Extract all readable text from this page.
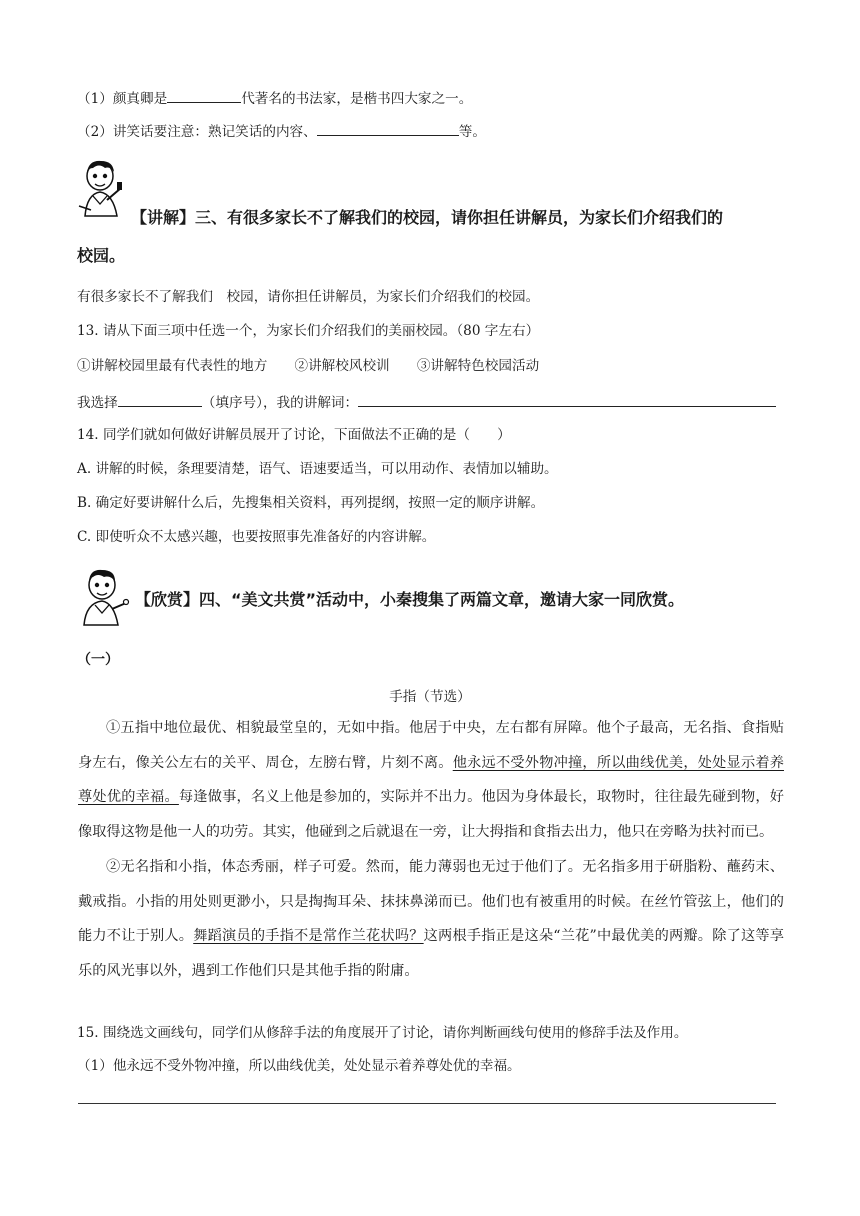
（1）颜真卿是	代著名的书法家，是楷书四大家之一。
（2）讲笑话要注意：熟记笑话的内容、	等。
【讲解】三、有很多家长不了解我们的校园，请你担任讲解员，为家长们介绍我们的
校园。
有很多家长不了解我们　校园，请你担任讲解员，为家长们介绍我们的校园。
13. 请从下面三项中任选一个，为家长们介绍我们的美丽校园。（80 字左右）
①讲解校园里最有代表性的地方　　②讲解校风校训　　③讲解特色校园活动
我选择	（填序号），我的讲解词：
14. 同学们就如何做好讲解员展开了讨论，下面做法不正确的是（　　）
A. 讲解的时候，条理要清楚，语气、语速要适当，可以用动作、表情加以辅助。
B. 确定好要讲解什么后，先搜集相关资料，再列提纲，按照一定的顺序讲解。
C. 即使听众不太感兴趣，也要按照事先准备好的内容讲解。
【欣赏】四、“美文共赏”活动中，小秦搜集了两篇文章，邀请大家一同欣赏。
（一）
手指（节选）
①五指中地位最优、相貌最堂皇的，无如中指。他居于中央，左右都有屏障。他个子最高，无名指、食指贴身左右，像关公左右的关平、周仓，左膀右臂，片刻不离。他永远不受外物冲撞，所以曲线优美，处处显示着养尊处优的幸福。每逢做事，名义上他是参加的，实际并不出力。他因为身体最长，取物时，往往最先碰到物，好像取得这物是他一人的功劳。其实，他碰到之后就退在一旁，让大拇指和食指去出力，他只在旁略为扶衬而已。
②无名指和小指，体态秀丽，样子可爱。然而，能力薄弱也无过于他们了。无名指多用于研脂粉、蘸药末、戴戒指。小指的用处则更渺小，只是掏掏耳朵、抹抹鼻涕而已。他们也有被重用的时候。在丝竹管弦上，他们的能力不让于别人。舞蹈演员的手指不是常作兰花状吗？这两根手指正是这朵“兰花”中最优美的两瓣。除了这等享乐的风光事以外，遇到工作他们只是其他手指的附庸。
15. 围绕选文画线句，同学们从修辞手法的角度展开了讨论，请你判断画线句使用的修辞手法及作用。
（1）他永远不受外物冲撞，所以曲线优美，处处显示着养尊处优的幸福。
